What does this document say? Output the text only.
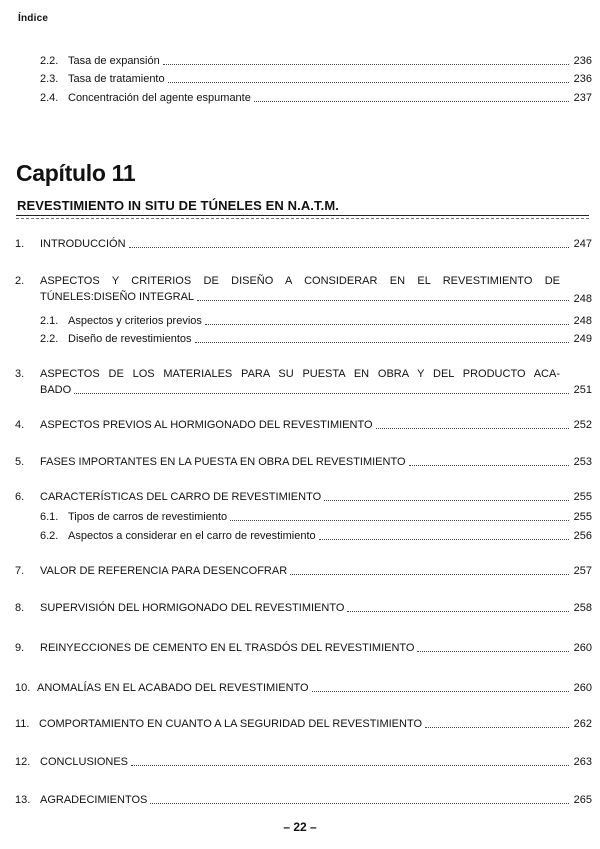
Índice
2.2. Tasa de expansión	236
2.3. Tasa de tratamiento	236
2.4. Concentración del agente espumante	237
Capítulo 11
REVESTIMIENTO IN SITU DE TÚNELES EN N.A.T.M.
1.	INTRODUCCIÓN	247
2.	ASPECTOS Y CRITERIOS DE DISEÑO A CONSIDERAR EN EL REVESTIMIENTO DE
TÚNELES:DISEÑO INTEGRAL	248
2.1. Aspectos y criterios previos	248
2.2. Diseño de revestimientos	249
3.	ASPECTOS DE LOS MATERIALES PARA SU PUESTA EN OBRA Y DEL PRODUCTO ACA-
BADO	251
4.	ASPECTOS PREVIOS AL HORMIGONADO DEL REVESTIMIENTO	252
5.	FASES IMPORTANTES EN LA PUESTA EN OBRA DEL REVESTIMIENTO	253
6.	CARACTERÍSTICAS DEL CARRO DE REVESTIMIENTO	255
6.1. Tipos de carros de revestimiento	255
6.2. Aspectos a considerar en el carro de revestimiento	256
7.	VALOR DE REFERENCIA PARA DESENCOFRAR	257
8.	SUPERVISIÓN DEL HORMIGONADO DEL REVESTIMIENTO	258
9.	REINYECCIONES DE CEMENTO EN EL TRASDÓS DEL REVESTIMIENTO	260
10. ANOMALÍAS EN EL ACABADO DEL REVESTIMIENTO	260
11. COMPORTAMIENTO EN CUANTO A LA SEGURIDAD DEL REVESTIMIENTO	262
12. CONCLUSIONES	263
13. AGRADECIMIENTOS	265
– 22 –
